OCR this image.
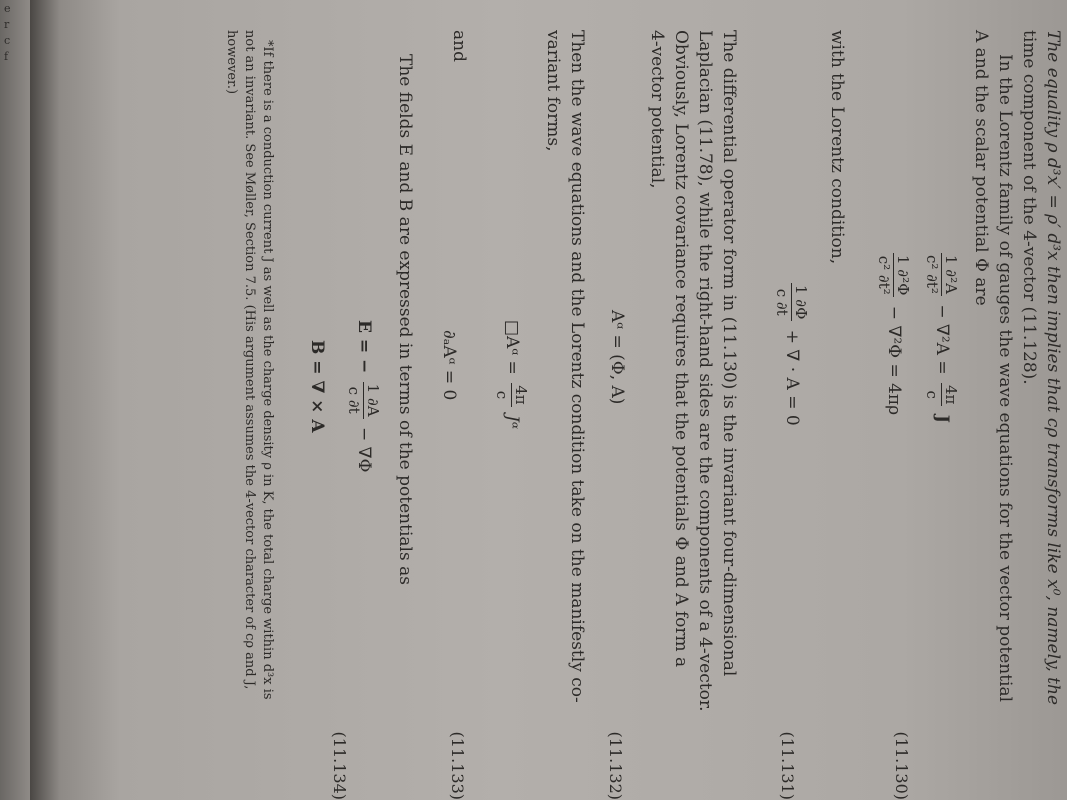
e
r
c
f	The equality ρ d³x′ = ρ′ d³x then implies that cρ transforms like x⁰, namely, the
time component of the 4-vector (11.128).
In the Lorentz family of gauges the wave equations for the vector potential
A and the scalar potential Φ are
1 ∂²A
c² ∂t²
− ∇²A =
4π
c
J
1 ∂²Φ
c² ∂t²
− ∇²Φ = 4πρ
(11.130)
with the Lorentz condition,
1 ∂Φ
c ∂t
+ ∇ · A = 0
(11.131)
The differential operator form in (11.130) is the invariant four-dimensional
Laplacian (11.78), while the right-hand sides are the components of a 4-vector.
Obviously, Lorentz covariance requires that the potentials Φ and A form a
4-vector potential,
Aᵅ = (Φ, A)
(11.132)
Then the wave equations and the Lorentz condition take on the manifestly co-
variant forms,
□Aᵅ =
4π
c
Jᵅ
and
∂ₐAᵅ = 0
(11.133)
The fields E and B are expressed in terms of the potentials as
E = −
1 ∂A
c ∂t
− ∇Φ
B = ∇ × A
(11.134)
*If there is a conduction current J as well as the charge density ρ in K, the total charge within d³x is
not an invariant. See Møller, Section 7.5. (His argument assumes the 4-vector character of cρ and J,
however.)
